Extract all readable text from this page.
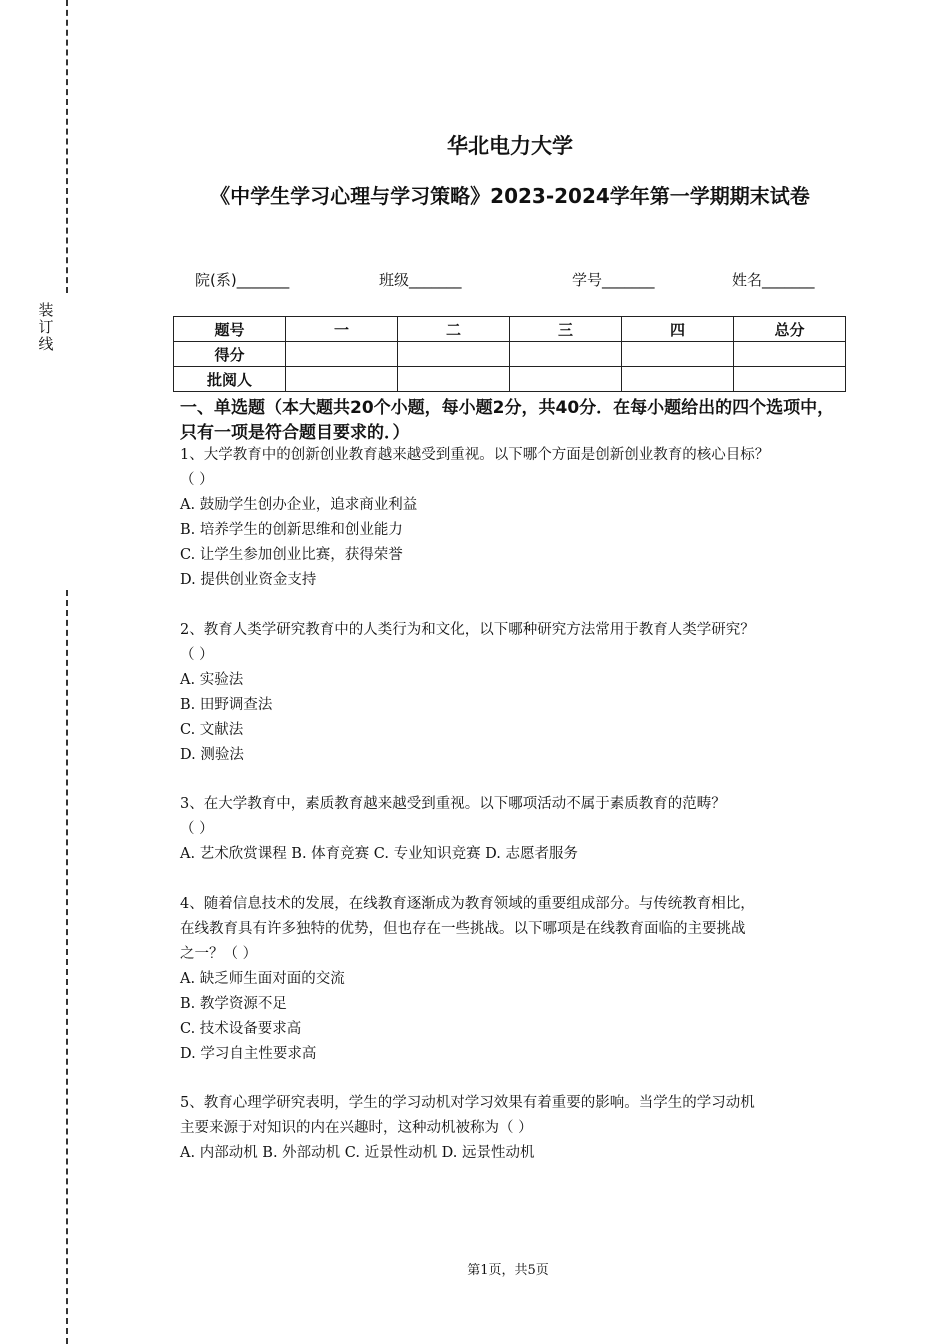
装
订
线
华北电力大学
《中学生学习心理与学习策略》2023-2024学年第一学期期末试卷
院(系)_______	班级_______	学号_______	姓名_______
题号	一	二	三	四	总分
得分					
批阅人					
一、单选题（本大题共20个小题，每小题2分，共40分．在每小题给出的四个选项中，只有一项是符合题目要求的．）

1、大学教育中的创新创业教育越来越受到重视。以下哪个方面是创新创业教育的核心目标？

（ ）

A. 鼓励学生创办企业，追求商业利益

B. 培养学生的创新思维和创业能力

C. 让学生参加创业比赛，获得荣誉

D. 提供创业资金支持

2、教育人类学研究教育中的人类行为和文化，以下哪种研究方法常用于教育人类学研究？

（ ）

A. 实验法

B. 田野调查法

C. 文献法

D. 测验法

3、在大学教育中，素质教育越来越受到重视。以下哪项活动不属于素质教育的范畴？

（ ）

A. 艺术欣赏课程 B. 体育竞赛 C. 专业知识竞赛 D. 志愿者服务

4、随着信息技术的发展，在线教育逐渐成为教育领域的重要组成部分。与传统教育相比，

在线教育具有许多独特的优势，但也存在一些挑战。以下哪项是在线教育面临的主要挑战

之一？（ ）

A. 缺乏师生面对面的交流

B. 教学资源不足

C. 技术设备要求高

D. 学习自主性要求高

5、教育心理学研究表明，学生的学习动机对学习效果有着重要的影响。当学生的学习动机

主要来源于对知识的内在兴趣时，这种动机被称为（ ）

A. 内部动机 B. 外部动机 C. 近景性动机 D. 远景性动机

第1页，共5页
